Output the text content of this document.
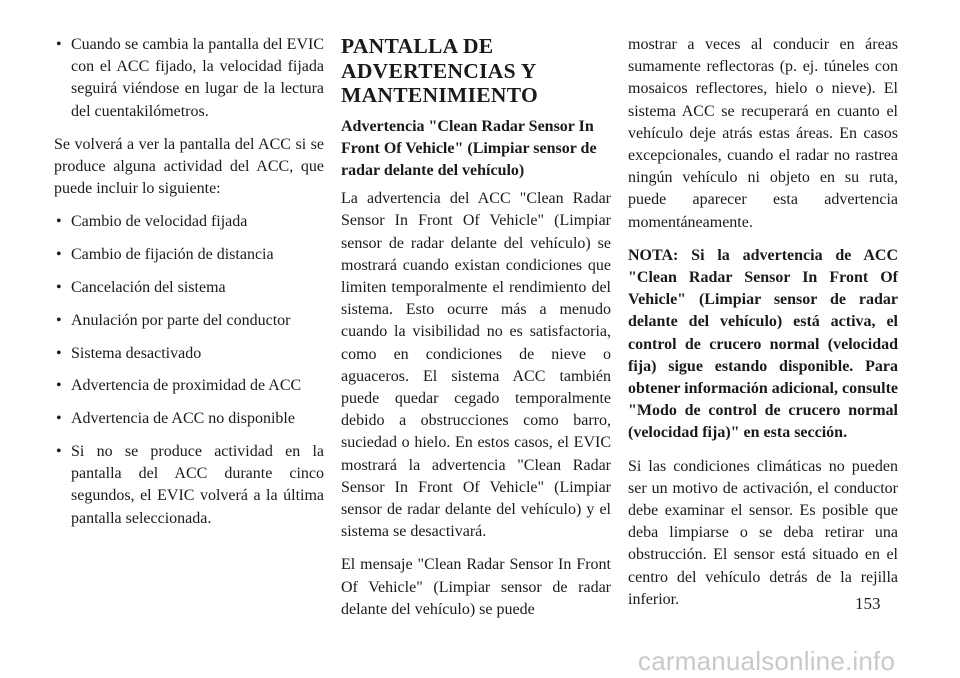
• Cuando se cambia la pantalla del EVIC con el ACC fijado, la velocidad fijada seguirá viéndose en lugar de la lectura del cuentakilómetros.

Se volverá a ver la pantalla del ACC si se produce alguna actividad del ACC, que puede incluir lo siguiente:

• Cambio de velocidad fijada
• Cambio de fijación de distancia
• Cancelación del sistema
• Anulación por parte del conductor
• Sistema desactivado
• Advertencia de proximidad de ACC
• Advertencia de ACC no disponible
• Si no se produce actividad en la pantalla del ACC durante cinco segundos, el EVIC volverá a la última pantalla seleccionada.
PANTALLA DE ADVERTENCIAS Y MANTENIMIENTO
Advertencia "Clean Radar Sensor In Front Of Vehicle" (Limpiar sensor de radar delante del vehículo)

La advertencia del ACC "Clean Radar Sensor In Front Of Vehicle" (Limpiar sensor de radar delante del vehículo) se mostrará cuando existan condiciones que limiten temporalmente el rendimiento del sistema. Esto ocurre más a menudo cuando la visibilidad no es satisfactoria, como en condiciones de nieve o aguaceros. El sistema ACC también puede quedar cegado temporalmente debido a obstrucciones como barro, suciedad o hielo. En estos casos, el EVIC mostrará la advertencia "Clean Radar Sensor In Front Of Vehicle" (Limpiar sensor de radar delante del vehículo) y el sistema se desactivará.

El mensaje "Clean Radar Sensor In Front Of Vehicle" (Limpiar sensor de radar delante del vehículo) se puede

mostrar a veces al conducir en áreas sumamente reflectoras (p. ej. túneles con mosaicos reflectores, hielo o nieve). El sistema ACC se recuperará en cuanto el vehículo deje atrás estas áreas. En casos excepcionales, cuando el radar no rastrea ningún vehículo ni objeto en su ruta, puede aparecer esta advertencia momentáneamente.

NOTA: Si la advertencia de ACC "Clean Radar Sensor In Front Of Vehicle" (Limpiar sensor de radar delante del vehículo) está activa, el control de crucero normal (velocidad fija) sigue estando disponible. Para obtener información adicional, consulte "Modo de control de crucero normal (velocidad fija)" en esta sección.

Si las condiciones climáticas no pueden ser un motivo de activación, el conductor debe examinar el sensor. Es posible que deba limpiarse o se deba retirar una obstrucción. El sensor está situado en el centro del vehículo detrás de la rejilla inferior.	153
carmanualsonline.info
